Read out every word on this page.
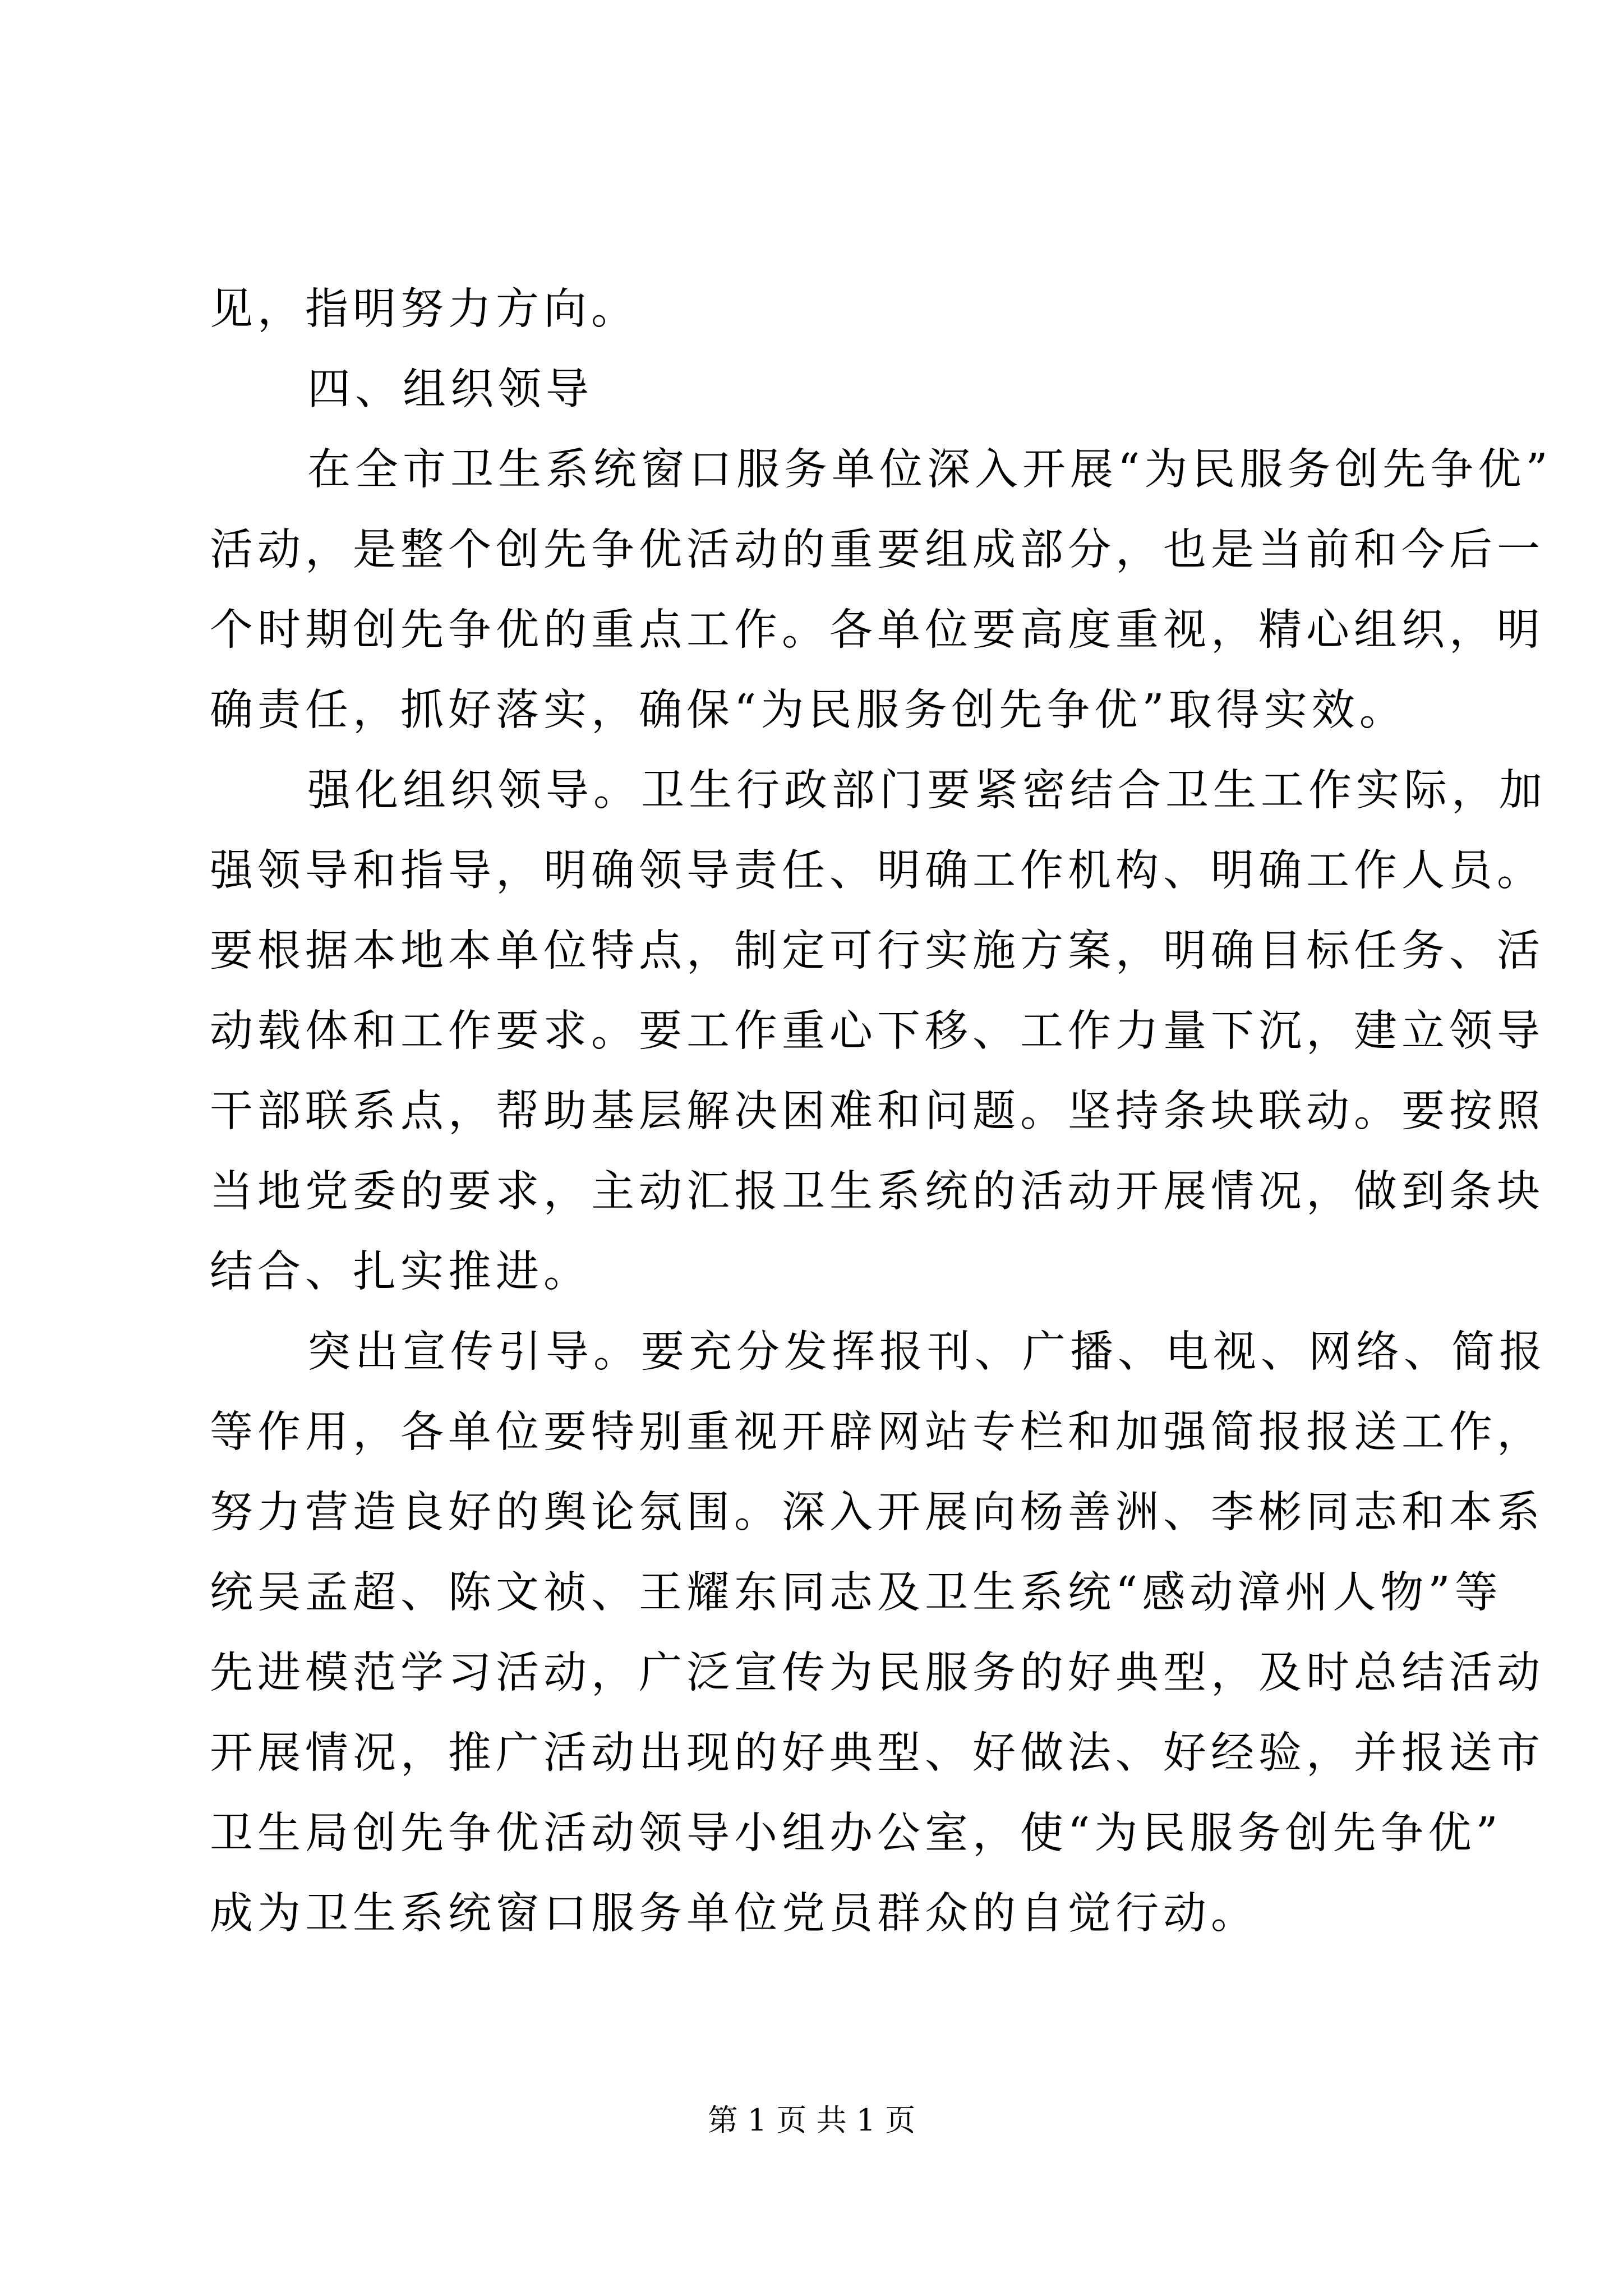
见，指明努力方向。
四、组织领导
在全市卫生系统窗口服务单位深入开展“为民服务创先争优”
活动，是整个创先争优活动的重要组成部分，也是当前和今后一
个时期创先争优的重点工作。各单位要高度重视，精心组织，明
确责任，抓好落实，确保“为民服务创先争优”取得实效。
强化组织领导。卫生行政部门要紧密结合卫生工作实际，加
强领导和指导，明确领导责任、明确工作机构、明确工作人员。
要根据本地本单位特点，制定可行实施方案，明确目标任务、活
动载体和工作要求。要工作重心下移、工作力量下沉，建立领导
干部联系点，帮助基层解决困难和问题。坚持条块联动。要按照
当地党委的要求，主动汇报卫生系统的活动开展情况，做到条块
结合、扎实推进。
突出宣传引导。要充分发挥报刊、广播、电视、网络、简报
等作用，各单位要特别重视开辟网站专栏和加强简报报送工作，
努力营造良好的舆论氛围。深入开展向杨善洲、李彬同志和本系
统吴孟超、陈文祯、王耀东同志及卫生系统“感动漳州人物”等
先进模范学习活动，广泛宣传为民服务的好典型，及时总结活动
开展情况，推广活动出现的好典型、好做法、好经验，并报送市
卫生局创先争优活动领导小组办公室，使“为民服务创先争优”
成为卫生系统窗口服务单位党员群众的自觉行动。
第 1 页 共 1 页
